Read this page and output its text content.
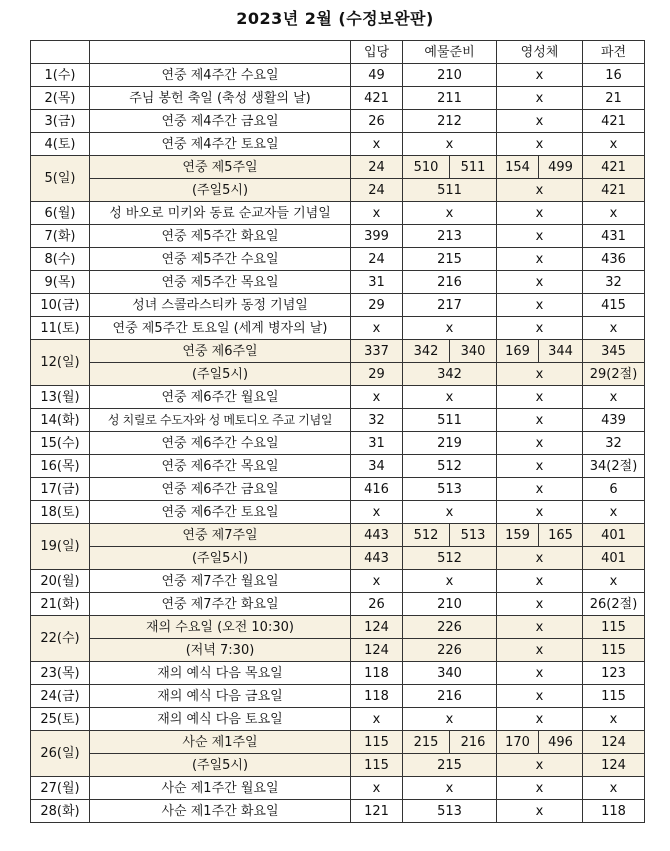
2023년 2월 (수정보완판)
		입당	예물준비		영성체		파견
1(수)	연중 제4주간 수요일	49	210		x		16
2(목)	주님 봉헌 축일 (축성 생활의 날)	421	211		x		21
3(금)	연중 제4주간 금요일	26	212		x		421
4(토)	연중 제4주간 토요일	x	x		x		x
5(일)	연중 제5주일	24	510	511	154	499	421
	(주일5시)	24	511		x		421
6(월)	성 바오로 미키와 동료 순교자들 기념일	x	x		x		x
7(화)	연중 제5주간 화요일	399	213		x		431
8(수)	연중 제5주간 수요일	24	215		x		436
9(목)	연중 제5주간 목요일	31	216		x		32
10(금)	성녀 스콜라스티카 동정 기념일	29	217		x		415
11(토)	연중 제5주간 토요일 (세계 병자의 날)	x	x		x		x
12(일)	연중 제6주일	337	342	340	169	344	345
	(주일5시)	29	342		x		29(2절)
13(월)	연중 제6주간 월요일	x	x		x		x
14(화)	성 치릴로 수도자와 성 메토디오 주교 기념일	32	511		x		439
15(수)	연중 제6주간 수요일	31	219		x		32
16(목)	연중 제6주간 목요일	34	512		x		34(2절)
17(금)	연중 제6주간 금요일	416	513		x		6
18(토)	연중 제6주간 토요일	x	x		x		x
19(일)	연중 제7주일	443	512	513	159	165	401
	(주일5시)	443	512		x		401
20(월)	연중 제7주간 월요일	x	x		x		x
21(화)	연중 제7주간 화요일	26	210		x		26(2절)
22(수)	재의 수요일 (오전 10:30)	124	226		x		115
	(저녁 7:30)	124	226		x		115
23(목)	재의 예식 다음 목요일	118	340		x		123
24(금)	재의 예식 다음 금요일	118	216		x		115
25(토)	재의 예식 다음 토요일	x	x		x		x
26(일)	사순 제1주일	115	215	216	170	496	124
	(주일5시)	115	215		x		124
27(월)	사순 제1주간 월요일	x	x		x		x
28(화)	사순 제1주간 화요일	121	513		x		118
